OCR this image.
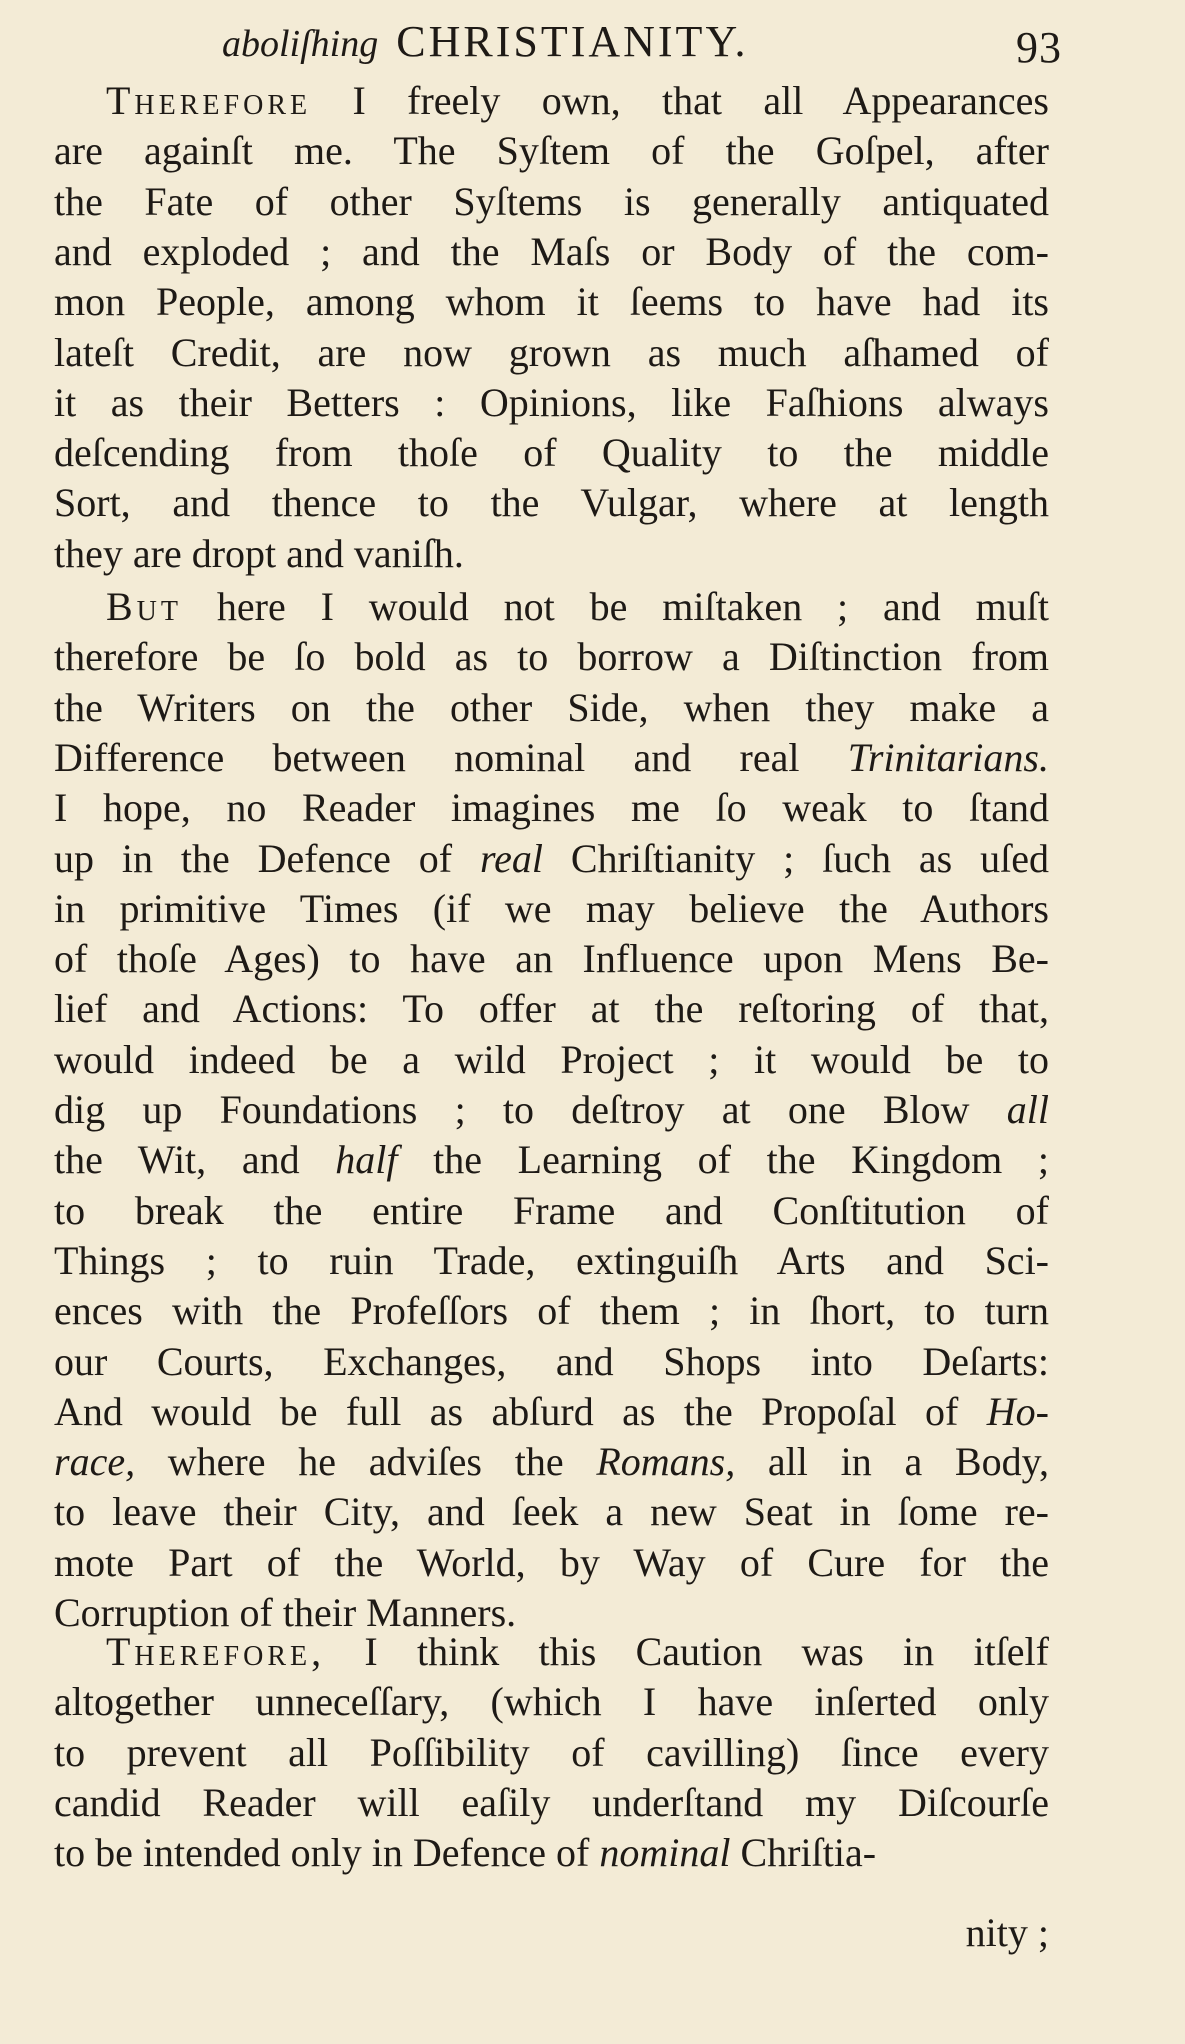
aboliſhing CHRISTIANITY.	93
Therefore I freely own, that all Appearances
are againſt me. The Syſtem of the Goſpel, after
the Fate of other Syſtems is generally antiquated
and exploded ; and the Maſs or Body of the com-
mon People, among whom it ſeems to have had its
lateſt Credit, are now grown as much aſhamed of
it as their Betters : Opinions, like Faſhions always
deſcending from thoſe of Quality to the middle
Sort, and thence to the Vulgar, where at length
they are dropt and vaniſh.
But here I would not be miſtaken ; and muſt
therefore be ſo bold as to borrow a Diſtinction from
the Writers on the other Side, when they make a
Difference between nominal and real Trinitarians.
I hope, no Reader imagines me ſo weak to ſtand
up in the Defence of real Chriſtianity ; ſuch as uſed
in primitive Times (if we may believe the Authors
of thoſe Ages) to have an Influence upon Mens Be-
lief and Actions: To offer at the reſtoring of that,
would indeed be a wild Project ; it would be to
dig up Foundations ; to deſtroy at one Blow all
the Wit, and half the Learning of the Kingdom ;
to break the entire Frame and Conſtitution of
Things ; to ruin Trade, extinguiſh Arts and Sci-
ences with the Profeſſors of them ; in ſhort, to turn
our Courts, Exchanges, and Shops into Deſarts:
And would be full as abſurd as the Propoſal of Ho-
race, where he adviſes the Romans, all in a Body,
to leave their City, and ſeek a new Seat in ſome re-
mote Part of the World, by Way of Cure for the
Corruption of their Manners.
Therefore, I think this Caution was in itſelf
altogether unneceſſary, (which I have inſerted only
to prevent all Poſſibility of cavilling) ſince every
candid Reader will eaſily underſtand my Diſcourſe
to be intended only in Defence of nominal Chriſtia-
nity ;
